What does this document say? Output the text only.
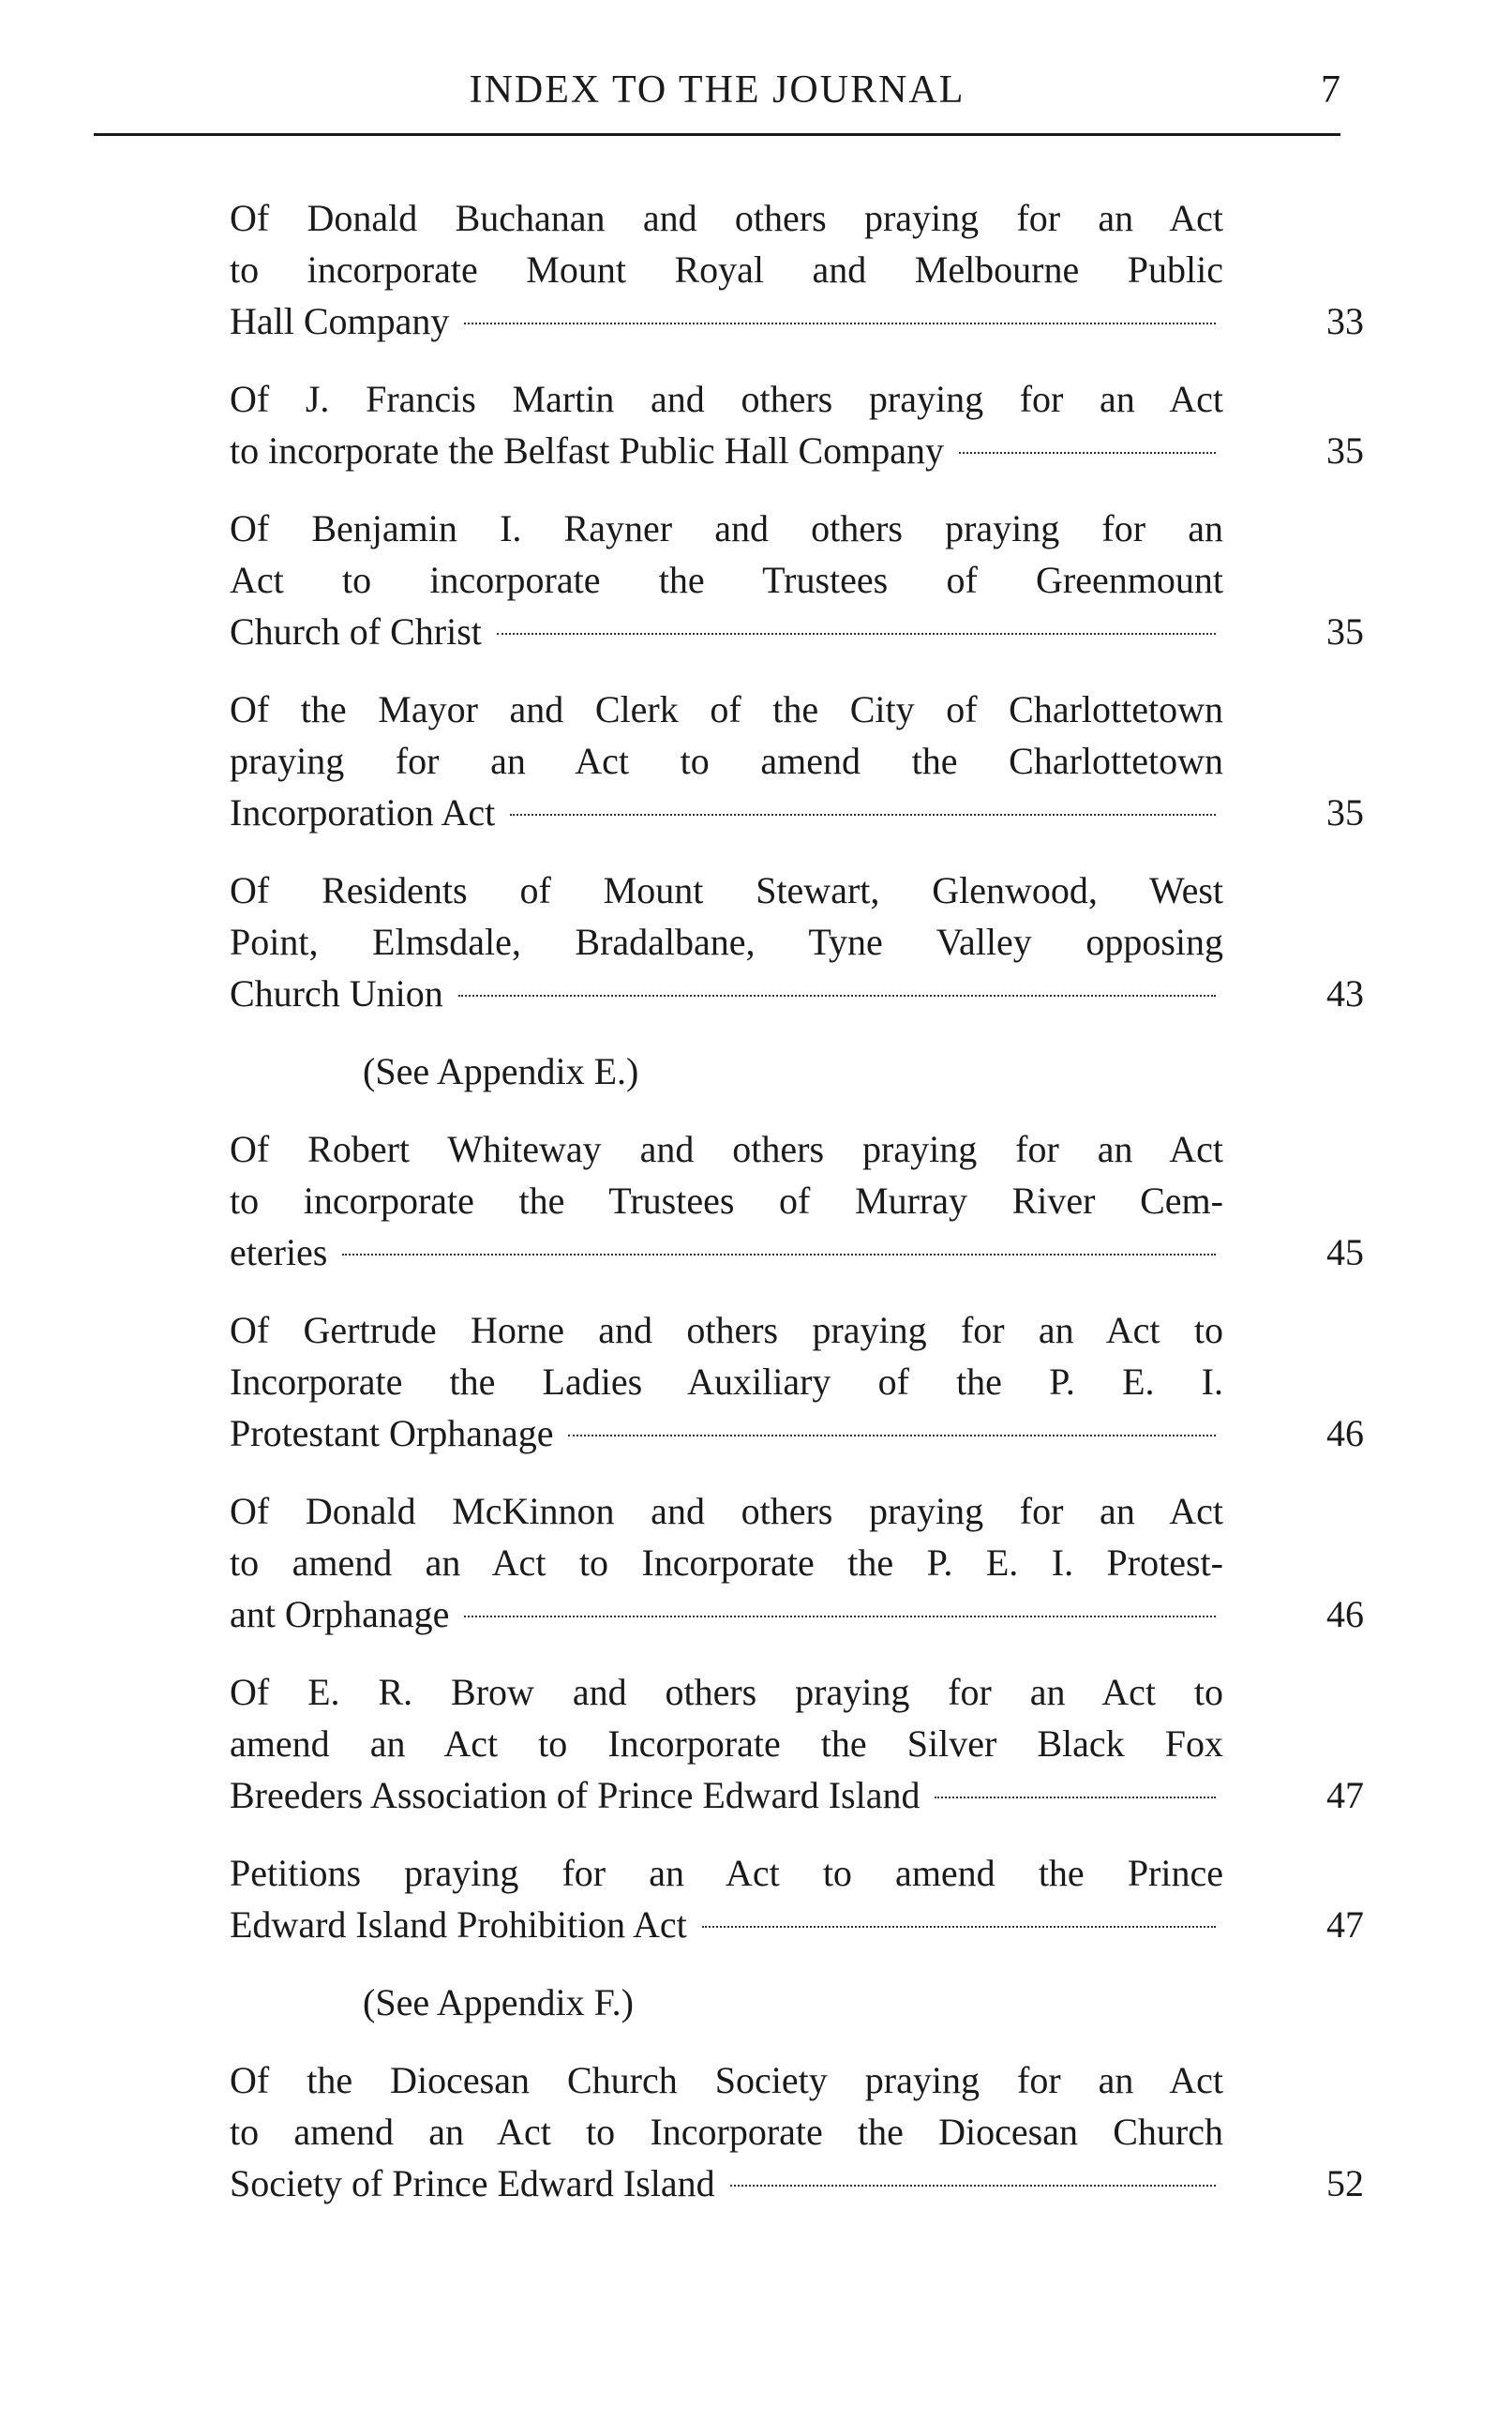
INDEX TO THE JOURNAL	7
Of Donald Buchanan and others praying for an Act
to incorporate Mount Royal and Melbourne Public
Hall Company	33
Of J. Francis Martin and others praying for an Act
to incorporate the Belfast Public Hall Company	35
Of Benjamin I. Rayner and others praying for an
Act to incorporate the Trustees of Greenmount
Church of Christ	35
Of the Mayor and Clerk of the City of Charlottetown
praying for an Act to amend the Charlottetown
Incorporation Act	35
Of Residents of Mount Stewart, Glenwood, West
Point, Elmsdale, Bradalbane, Tyne Valley opposing
Church Union	43
(See Appendix E.)
Of Robert Whiteway and others praying for an Act
to incorporate the Trustees of Murray River Cem-
eteries	45
Of Gertrude Horne and others praying for an Act to
Incorporate the Ladies Auxiliary of the P. E. I.
Protestant Orphanage	46
Of Donald McKinnon and others praying for an Act
to amend an Act to Incorporate the P. E. I. Protest-
ant Orphanage	46
Of E. R. Brow and others praying for an Act to
amend an Act to Incorporate the Silver Black Fox
Breeders Association of Prince Edward Island	47
Petitions praying for an Act to amend the Prince
Edward Island Prohibition Act	47
(See Appendix F.)
Of the Diocesan Church Society praying for an Act
to amend an Act to Incorporate the Diocesan Church
Society of Prince Edward Island	52
